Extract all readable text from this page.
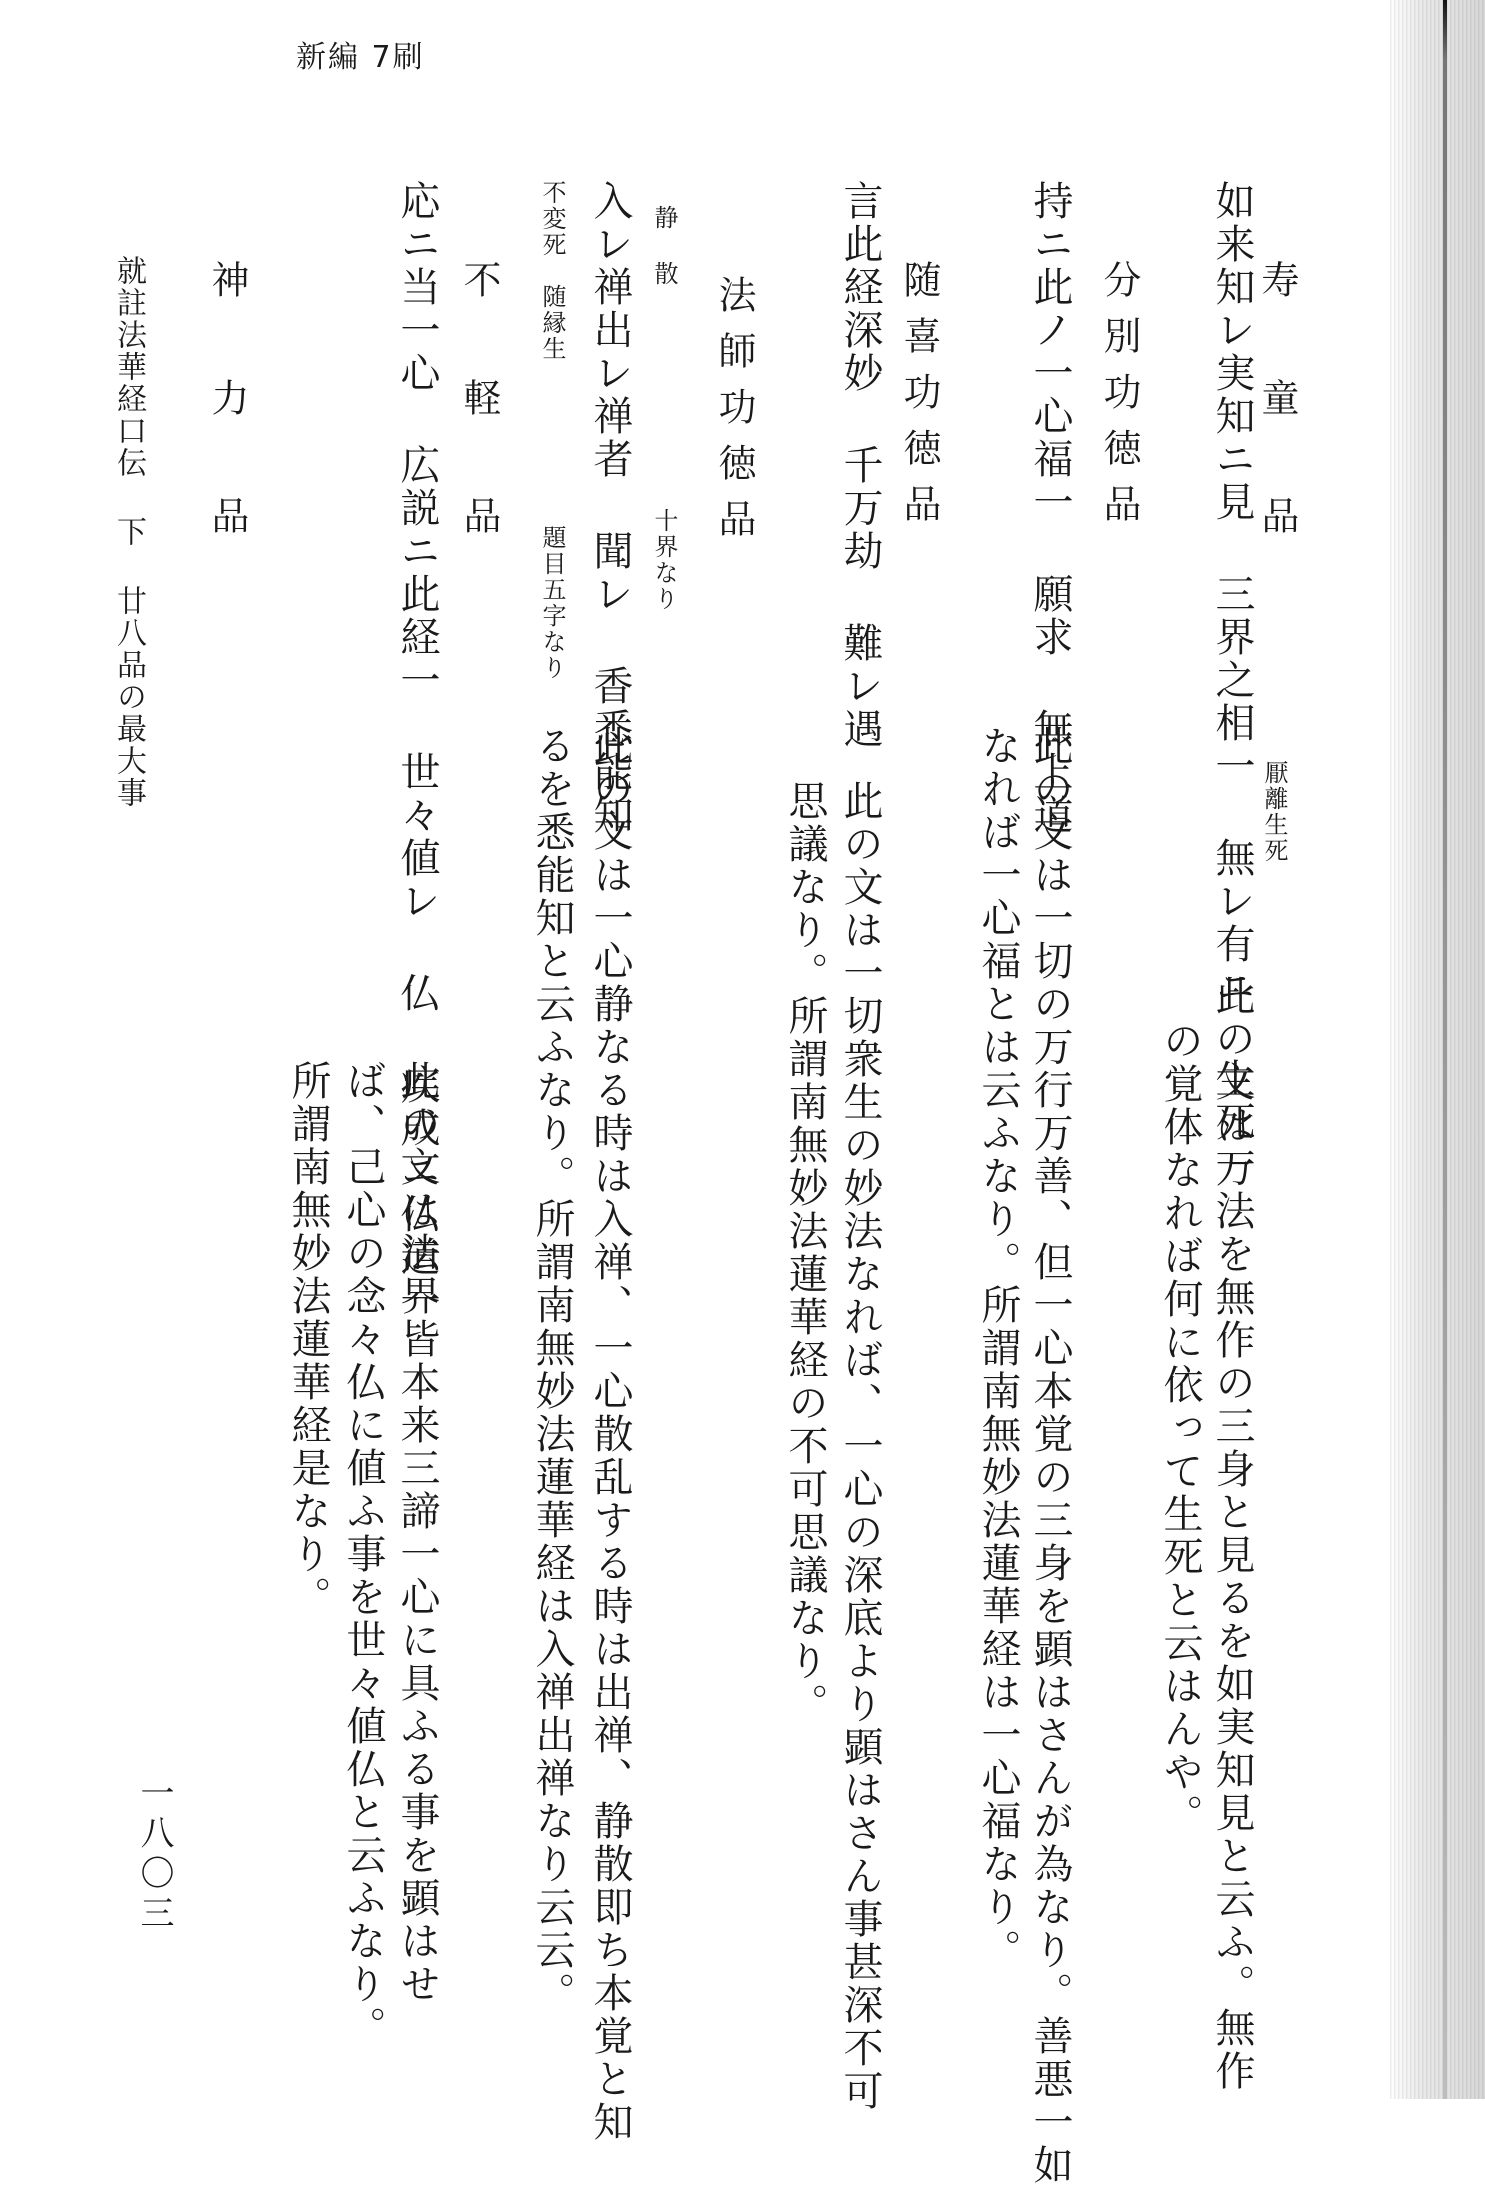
新編 7刷
寿 童 品
如来知レ実知ニ見 三界之相一 無レ有ニ 生死一 厭離生死
此の文は万法を無作の三身と見るを如実知見と云ふ。無作
の覚体なれば何に依って生死と云はんや。
分別功徳品
持ニ此ノ一心福一 願求 無上道
此の文は一切の万行万善、但一心本覚の三身を顕はさんが為なり。善悪一如
なれば一心福とは云ふなり。所謂南無妙法蓮華経は一心福なり。
随喜功徳品
言此経深妙 千万劫 難レ遇
此の文は一切衆生の妙法なれば、一心の深底より顕はさん事甚深不可
思議なり。所謂南無妙法蓮華経の不可思議なり。
法師功徳品
静 散
入レ禅出レ禅者 聞レ 香悉能知 十界なり
不変死　随縁生
題目五字なり
此の文は一心静なる時は入禅、一心散乱する時は出禅、静散即ち本覚と知
るを悉能知と云ふなり。所謂南無妙法蓮華経は入禅出禅なり云云。
不 軽 品
応ニ当一心 広説ニ此経一 世々値レ 仏 疾成ニ仏道一
此の文は法界皆本来三諦一心に具ふる事を顕はせ
ば、己心の念々仏に値ふ事を世々値仏と云ふなり。
所謂南無妙法蓮華経是なり。
神 力 品
就註法華経口伝 下 廿八品の最大事
一八〇三
